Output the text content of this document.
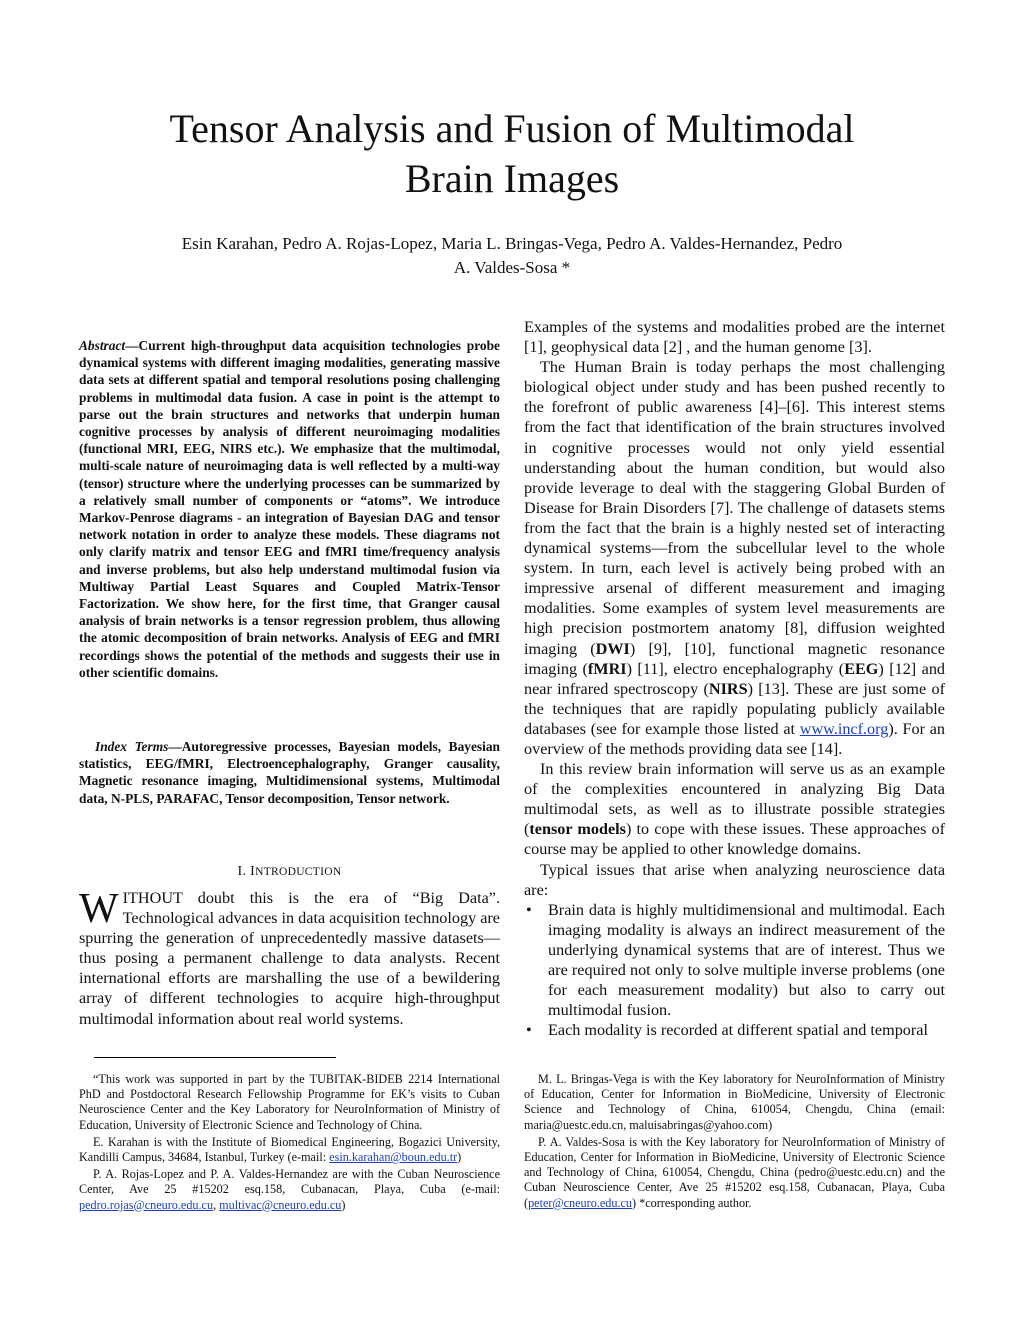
Tensor Analysis and Fusion of Multimodal
Brain Images
Esin Karahan, Pedro A. Rojas-Lopez, Maria L. Bringas-Vega, Pedro A. Valdes-Hernandez, Pedro
A. Valdes-Sosa *
Abstract—Current high-throughput data acquisition technologies probe dynamical systems with different imaging modalities, generating massive data sets at different spatial and temporal resolutions posing challenging problems in multimodal data fusion. A case in point is the attempt to parse out the brain structures and networks that underpin human cognitive processes by analysis of different neuroimaging modalities (functional MRI, EEG, NIRS etc.). We emphasize that the multimodal, multi-scale nature of neuroimaging data is well reflected by a multi-way (tensor) structure where the underlying processes can be summarized by a relatively small number of components or “atoms”. We introduce Markov-Penrose diagrams - an integration of Bayesian DAG and tensor network notation in order to analyze these models. These diagrams not only clarify matrix and tensor EEG and fMRI time/frequency analysis and inverse problems, but also help understand multimodal fusion via Multiway Partial Least Squares and Coupled Matrix-Tensor Factorization. We show here, for the first time, that Granger causal analysis of brain networks is a tensor regression problem, thus allowing the atomic decomposition of brain networks. Analysis of EEG and fMRI recordings shows the potential of the methods and suggests their use in other scientific domains.
Index Terms—Autoregressive processes, Bayesian models, Bayesian statistics, EEG/fMRI, Electroencephalography, Granger causality, Magnetic resonance imaging, Multidimensional systems, Multimodal data, N-PLS, PARAFAC, Tensor decomposition, Tensor network.
I. INTRODUCTION
WITHOUT doubt this is the era of “Big Data”. Technological advances in data acquisition technology are spurring the generation of unprecedentedly massive datasets—thus posing a permanent challenge to data analysts. Recent international efforts are marshalling the use of a bewildering array of different technologies to acquire high-throughput multimodal information about real world systems.

“This work was supported in part by the TUBITAK-BIDEB 2214 International PhD and Postdoctoral Research Fellowship Programme for EK’s visits to Cuban Neuroscience Center and the Key Laboratory for NeuroInformation of Ministry of Education, University of Electronic Science and Technology of China.

E. Karahan is with the Institute of Biomedical Engineering, Bogazici University, Kandilli Campus, 34684, Istanbul, Turkey (e-mail: esin.karahan@boun.edu.tr)

P. A. Rojas-Lopez and P. A. Valdes-Hernandez are with the Cuban Neuroscience Center, Ave 25 #15202 esq.158, Cubanacan, Playa, Cuba (e-mail: pedro.rojas@cneuro.edu.cu, multivac@cneuro.edu.cu)

Examples of the systems and modalities probed are the internet [1], geophysical data [2] , and the human genome [3].

The Human Brain is today perhaps the most challenging biological object under study and has been pushed recently to the forefront of public awareness [4]–[6]. This interest stems from the fact that identification of the brain structures involved in cognitive processes would not only yield essential understanding about the human condition, but would also provide leverage to deal with the staggering Global Burden of Disease for Brain Disorders [7]. The challenge of datasets stems from the fact that the brain is a highly nested set of interacting dynamical systems—from the subcellular level to the whole system. In turn, each level is actively being probed with an impressive arsenal of different measurement and imaging modalities. Some examples of system level measurements are high precision postmortem anatomy [8], diffusion weighted imaging (DWI) [9], [10], functional magnetic resonance imaging (fMRI) [11], electro encephalography (EEG) [12] and near infrared spectroscopy (NIRS) [13]. These are just some of the techniques that are rapidly populating publicly available databases (see for example those listed at www.incf.org). For an overview of the methods providing data see [14].

In this review brain information will serve us as an example of the complexities encountered in analyzing Big Data multimodal sets, as well as to illustrate possible strategies (tensor models) to cope with these issues. These approaches of course may be applied to other knowledge domains.

Typical issues that arise when analyzing neuroscience data are:

• Brain data is highly multidimensional and multimodal. Each imaging modality is always an indirect measurement of the underlying dynamical systems that are of interest. Thus we are required not only to solve multiple inverse problems (one for each measurement modality) but also to carry out multimodal fusion.
• Each modality is recorded at different spatial and temporal

M. L. Bringas-Vega is with the Key laboratory for NeuroInformation of Ministry of Education, Center for Information in BioMedicine, University of Electronic Science and Technology of China, 610054, Chengdu, China (email: maria@uestc.edu.cn, maluisabringas@yahoo.com)

P. A. Valdes-Sosa is with the Key laboratory for NeuroInformation of Ministry of Education, Center for Information in BioMedicine, University of Electronic Science and Technology of China, 610054, Chengdu, China (pedro@uestc.edu.cn) and the Cuban Neuroscience Center, Ave 25 #15202 esq.158, Cubanacan, Playa, Cuba (peter@cneuro.edu.cu) *corresponding author.
